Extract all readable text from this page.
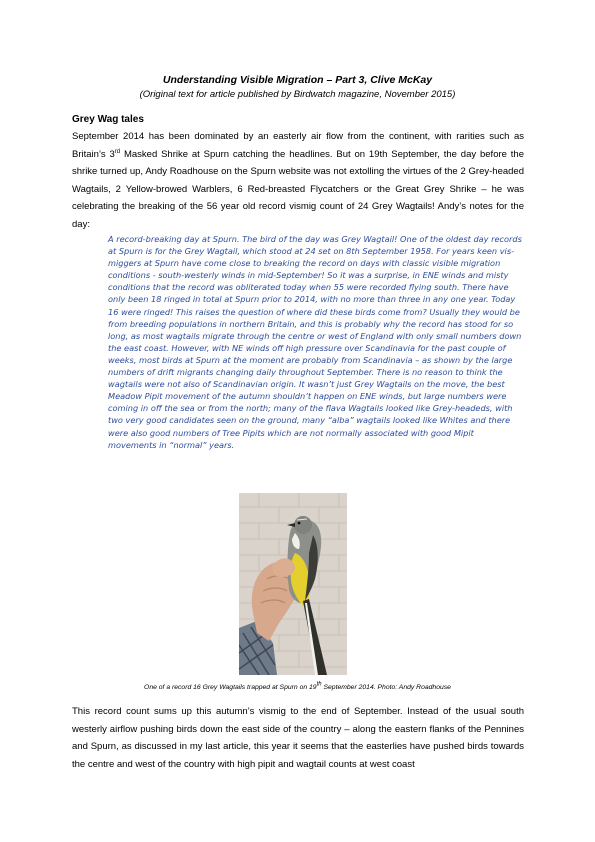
Understanding Visible Migration – Part 3, Clive McKay
(Original text for article published by Birdwatch magazine, November 2015)
Grey Wag tales
September 2014 has been dominated by an easterly air flow from the continent, with rarities such as Britain’s 3rd Masked Shrike at Spurn catching the headlines. But on 19th September, the day before the shrike turned up, Andy Roadhouse on the Spurn website was not extolling the virtues of the 2 Grey-headed Wagtails, 2 Yellow-browed Warblers, 6 Red-breasted Flycatchers or the Great Grey Shrike – he was celebrating the breaking of the 56 year old record vismig count of 24 Grey Wagtails! Andy’s notes for the day:
A record-breaking day at Spurn. The bird of the day was Grey Wagtail! One of the oldest day records at Spurn is for the Grey Wagtail, which stood at 24 set on 8th September 1958. For years keen vis-miggers at Spurn have come close to breaking the record on days with classic visible migration conditions - south-westerly winds in mid-September! So it was a surprise, in ENE winds and misty conditions that the record was obliterated today when 55 were recorded flying south. There have only been 18 ringed in total at Spurn prior to 2014, with no more than three in any one year. Today 16 were ringed! This raises the question of where did these birds come from? Usually they would be from breeding populations in northern Britain, and this is probably why the record has stood for so long, as most wagtails migrate through the centre or west of England with only small numbers down the east coast. However, with NE winds off high pressure over Scandinavia for the past couple of weeks, most birds at Spurn at the moment are probably from Scandinavia – as shown by the large numbers of drift migrants changing daily throughout September. There is no reason to think the wagtails were not also of Scandinavian origin. It wasn’t just Grey Wagtails on the move, the best Meadow Pipit movement of the autumn shouldn’t happen on ENE winds, but large numbers were coming in off the sea or from the north; many of the flava Wagtails looked like Grey-headeds, with two very good candidates seen on the ground, many “alba” wagtails looked like Whites and there were also good numbers of Tree Pipits which are not normally associated with good Mipit movements in “normal” years.
One of a record 16 Grey Wagtails trapped at Spurn on 19th September 2014. Photo: Andy Roadhouse
This record count sums up this autumn’s vismig to the end of September. Instead of the usual south westerly airflow pushing birds down the east side of the country – along the eastern flanks of the Pennines and Spurn, as discussed in my last article, this year it seems that the easterlies have pushed birds towards the centre and west of the country with high pipit and wagtail counts at west coast
